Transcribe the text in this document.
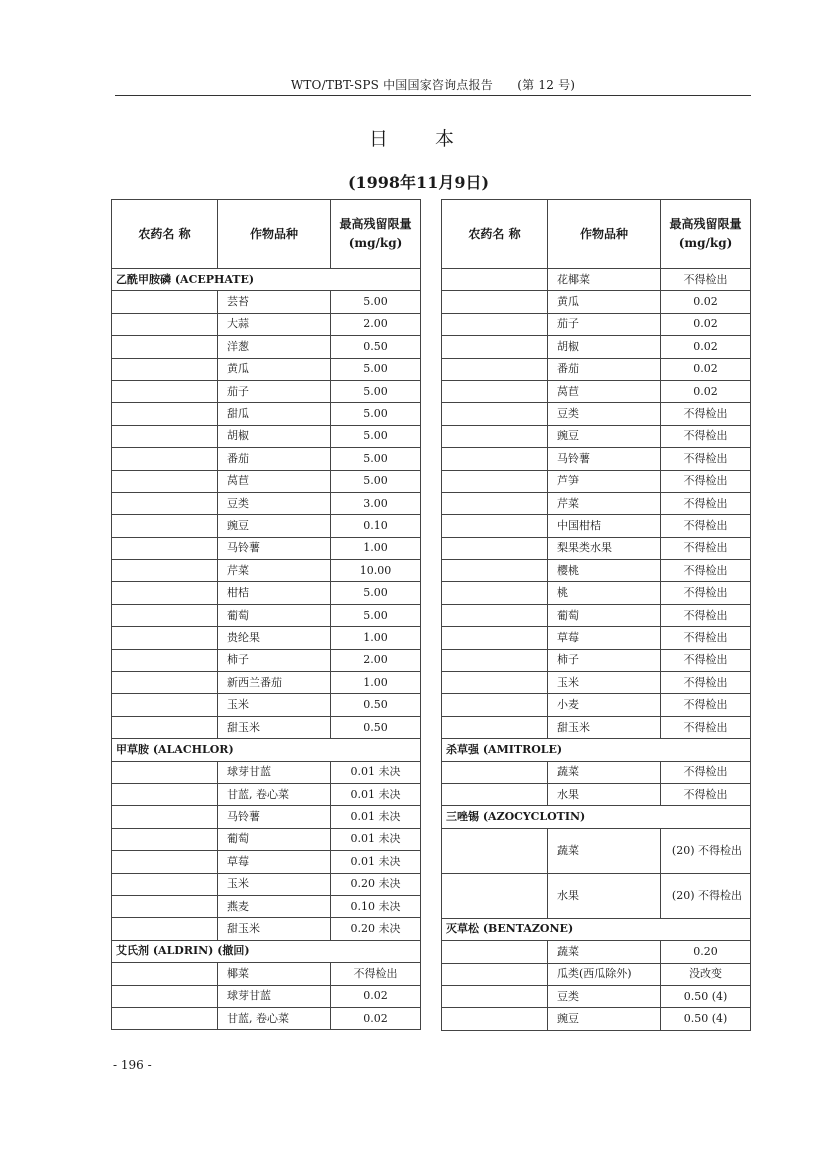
WTO/TBT-SPS 中国国家咨询点报告　　(第 12 号)
日　本
(1998年11月9日)
农药名 称	作物品种	最高残留限量(mg/kg)
乙酰甲胺磷 (ACEPHATE)		
	芸苔	5.00
	大蒜	2.00
	洋葱	0.50
	黄瓜	5.00
	茄子	5.00
	甜瓜	5.00
	胡椒	5.00
	番茄	5.00
	莴苣	5.00
	豆类	3.00
	豌豆	0.10
	马铃薯	1.00
	芹菜	10.00
	柑桔	5.00
	葡萄	5.00
	贵纶果	1.00
	柿子	2.00
	新西兰番茄	1.00
	玉米	0.50
	甜玉米	0.50
甲草胺 (ALACHLOR)		
	球芽甘蓝	0.01 未决
	甘蓝, 卷心菜	0.01 未决
	马铃薯	0.01 未决
	葡萄	0.01 未决
	草莓	0.01 未决
	玉米	0.20 未决
	燕麦	0.10 未决
	甜玉米	0.20 未决
艾氏剂 (ALDRIN) (撤回)		
	椰菜	不得检出
	球芽甘蓝	0.02
	甘蓝, 卷心菜	0.02
农药名 称	作物品种	最高残留限量(mg/kg)
	花椰菜	不得检出
	黄瓜	0.02
	茄子	0.02
	胡椒	0.02
	番茄	0.02
	莴苣	0.02
	豆类	不得检出
	豌豆	不得检出
	马铃薯	不得检出
	芦笋	不得检出
	芹菜	不得检出
	中国柑桔	不得检出
	梨果类水果	不得检出
	樱桃	不得检出
	桃	不得检出
	葡萄	不得检出
	草莓	不得检出
	柿子	不得检出
	玉米	不得检出
	小麦	不得检出
	甜玉米	不得检出
杀草强 (AMITROLE)		
	蔬菜	不得检出
	水果	不得检出
三唑锡 (AZOCYCLOTIN)		
	蔬菜	(20) 不得检出
	水果	(20) 不得检出
灭草松 (BENTAZONE)		
	蔬菜	0.20
	瓜类(西瓜除外)	没改变
	豆类	0.50 (4)
	豌豆	0.50 (4)
- 196 -
